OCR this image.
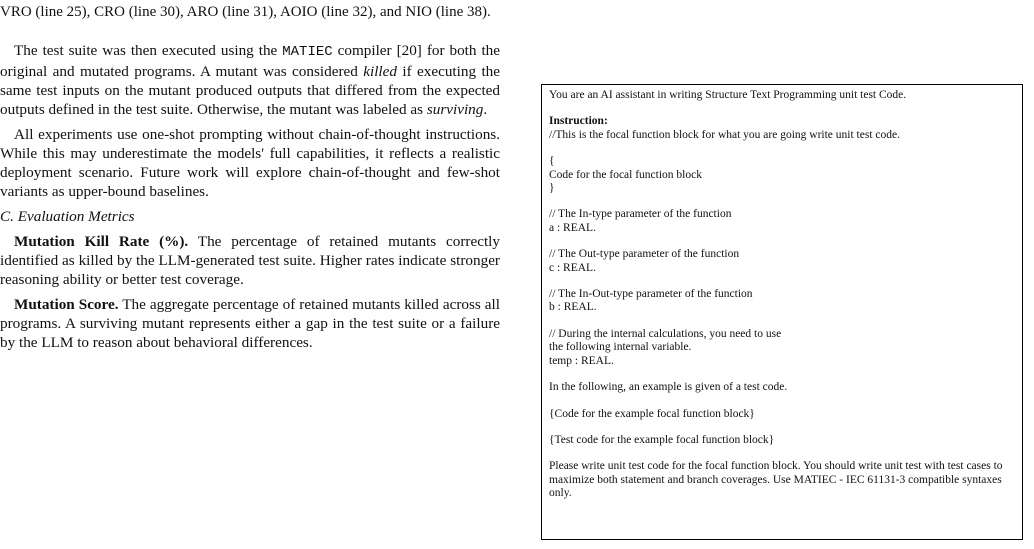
VRO (line 25), CRO (line 30), ARO (line 31), AOIO (line 32), and NIO (line 38).

The test suite was then executed using the MATIEC compiler [20] for both the original and mutated programs. A mutant was considered killed if executing the same test inputs on the mutant produced outputs that differed from the expected outputs defined in the test suite. Otherwise, the mutant was labeled as surviving.

All experiments use one-shot prompting without chain-of-thought instructions. While this may underestimate the models' full capabilities, it reflects a realistic deployment scenario. Future work will explore chain-of-thought and few-shot variants as upper-bound baselines.

C. Evaluation Metrics

Mutation Kill Rate (%). The percentage of retained mutants correctly identified as killed by the LLM-generated test suite. Higher rates indicate stronger reasoning ability or better test coverage.

Mutation Score. The aggregate percentage of retained mutants killed across all programs. A surviving mutant represents either a gap in the test suite or a failure by the LLM to reason about behavioral differences.

You are an AI assistant in writing Structure Text Programming unit test Code.

Instruction:

//This is the focal function block for what you are going write unit test code.

{

Code for the focal function block

}

// The In-type parameter of the function

a : REAL.

// The Out-type parameter of the function

c : REAL.

// The In-Out-type parameter of the function

b : REAL.

// During the internal calculations, you need to use

the following internal variable.

temp : REAL.

In the following, an example is given of a test code.

{Code for the example focal function block}

{Test code for the example focal function block}

Please write unit test code for the focal function block. You should write unit test with test cases to maximize both statement and branch coverages. Use MATIEC - IEC 61131-3 compatible syntaxes only.
